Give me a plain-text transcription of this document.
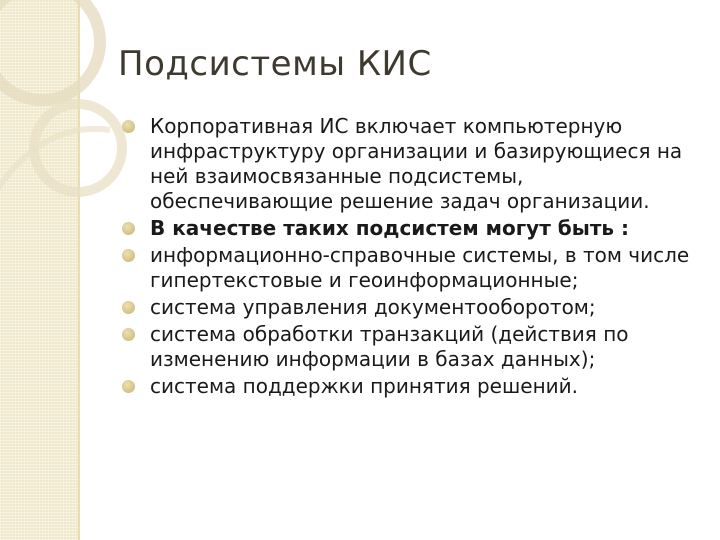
Подсистемы КИС
Корпоративная ИС включает компьютерную инфраструктуру организации и базирующиеся на ней взаимосвязанные подсистемы, обеспечивающие решение задач организации.
В качестве таких подсистем могут быть :
информационно-справочные системы, в том числе гипертекстовые и геоинформационные;
система управления документооборотом;
система обработки транзакций (действия по изменению информации в базах данных);
система поддержки принятия решений.
